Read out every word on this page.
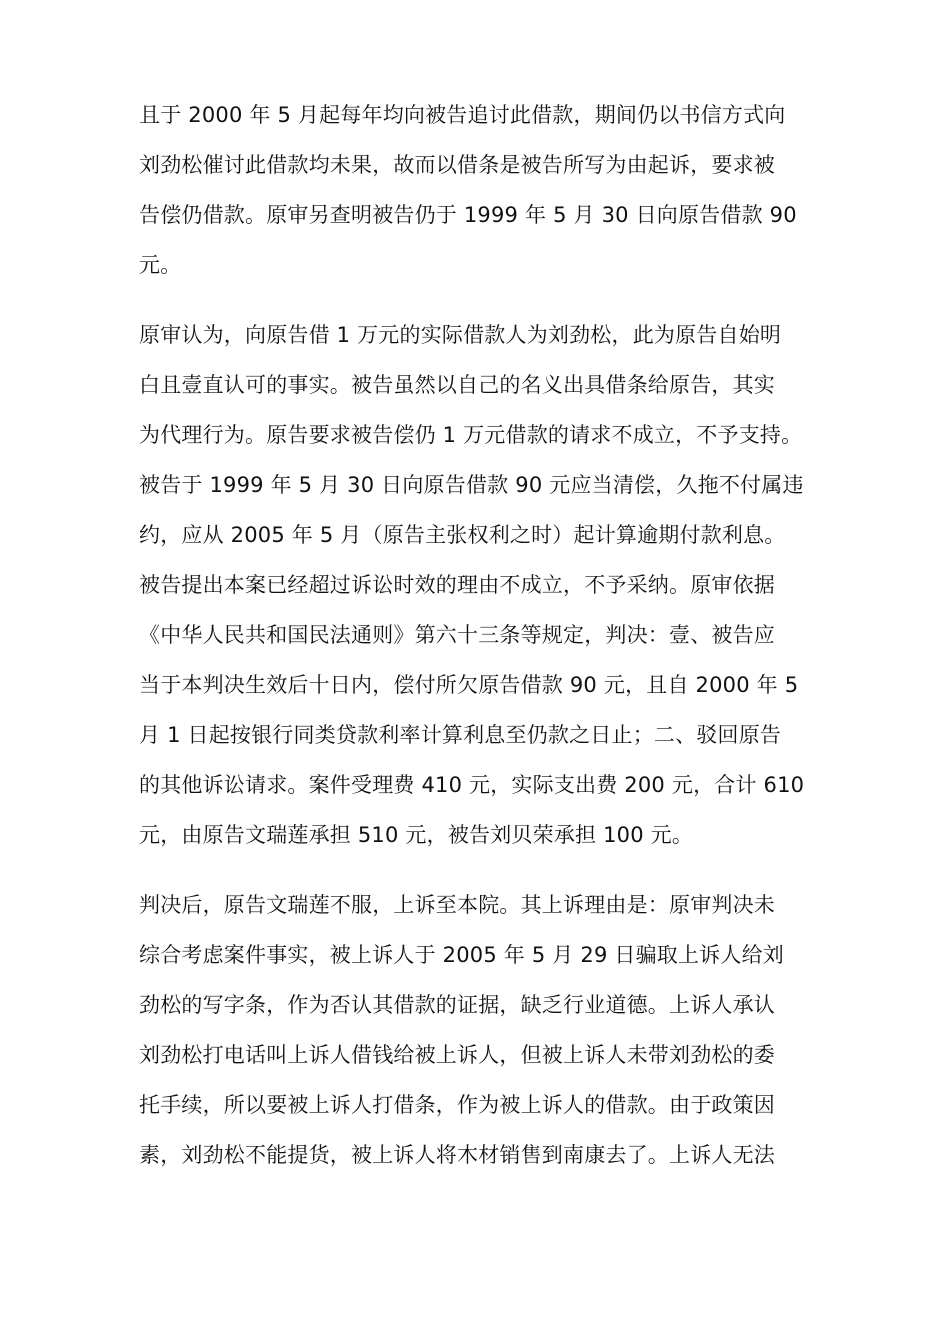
且于 2000 年 5 月起每年均向被告追讨此借款，期间仍以书信方式向
刘劲松催讨此借款均未果，故而以借条是被告所写为由起诉，要求被
告偿仍借款。原审另查明被告仍于 1999 年 5 月 30 日向原告借款 90
元。
原审认为，向原告借 1 万元的实际借款人为刘劲松，此为原告自始明
白且壹直认可的事实。被告虽然以自己的名义出具借条给原告，其实
为代理行为。原告要求被告偿仍 1 万元借款的请求不成立，不予支持。
被告于 1999 年 5 月 30 日向原告借款 90 元应当清偿，久拖不付属违
约，应从 2005 年 5 月（原告主张权利之时）起计算逾期付款利息。
被告提出本案已经超过诉讼时效的理由不成立，不予采纳。原审依据
《中华人民共和国民法通则》第六十三条等规定，判决：壹、被告应
当于本判决生效后十日内，偿付所欠原告借款 90 元，且自 2000 年 5
月 1 日起按银行同类贷款利率计算利息至仍款之日止；二、驳回原告
的其他诉讼请求。案件受理费 410 元，实际支出费 200 元，合计 610
元，由原告文瑞莲承担 510 元，被告刘贝荣承担 100 元。
判决后，原告文瑞莲不服，上诉至本院。其上诉理由是：原审判决未
综合考虑案件事实，被上诉人于 2005 年 5 月 29 日骗取上诉人给刘
劲松的写字条，作为否认其借款的证据，缺乏行业道德。上诉人承认
刘劲松打电话叫上诉人借钱给被上诉人，但被上诉人未带刘劲松的委
托手续，所以要被上诉人打借条，作为被上诉人的借款。由于政策因
素，刘劲松不能提货，被上诉人将木材销售到南康去了。上诉人无法
